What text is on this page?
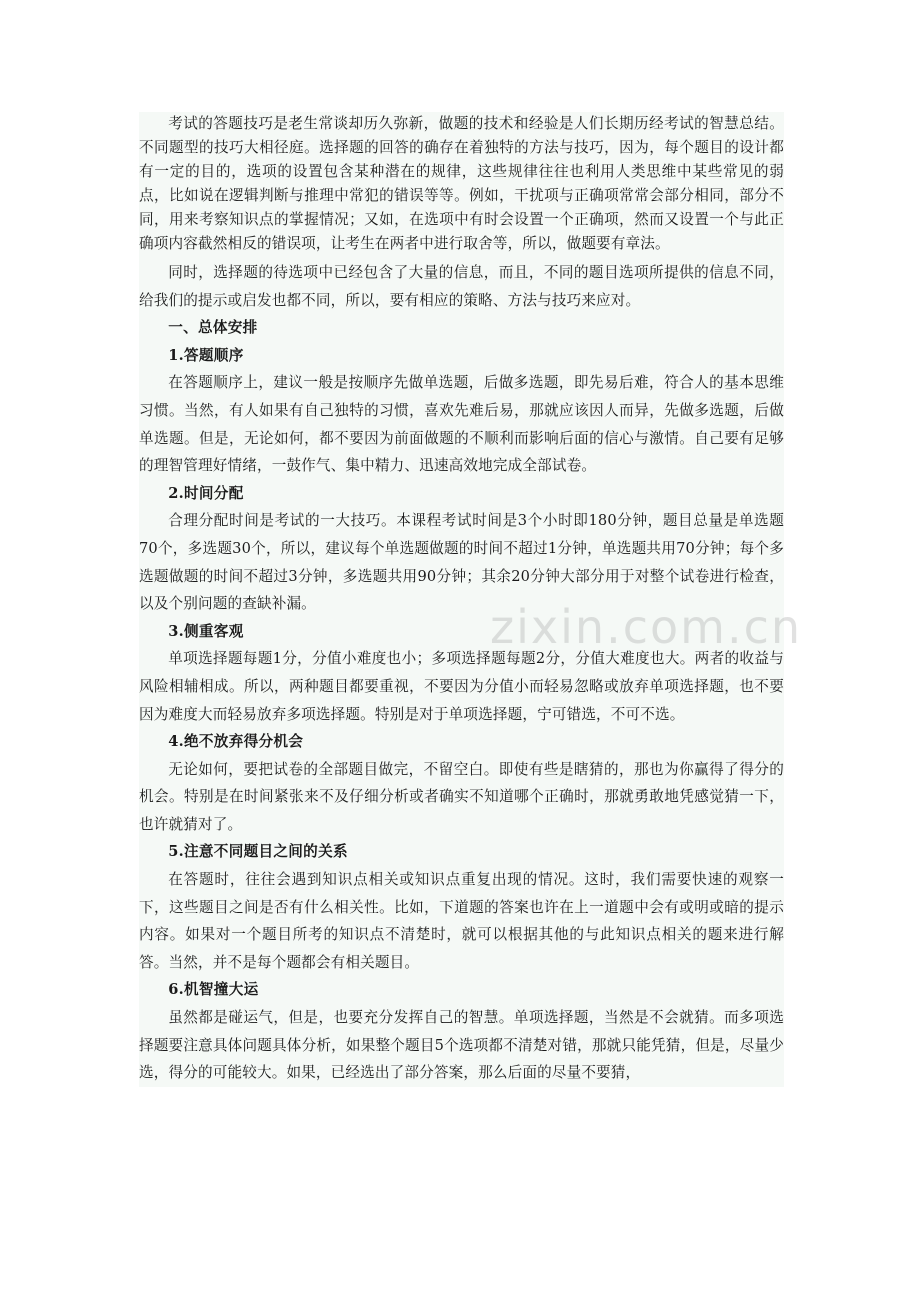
考试的答题技巧是老生常谈却历久弥新，做题的技术和经验是人们长期历经考试的智慧总结。不同题型的技巧大相径庭。选择题的回答的确存在着独特的方法与技巧，因为，每个题目的设计都有一定的目的，选项的设置包含某种潜在的规律，这些规律往往也利用人类思维中某些常见的弱点，比如说在逻辑判断与推理中常犯的错误等等。例如，干扰项与正确项常常会部分相同，部分不同，用来考察知识点的掌握情况；又如，在选项中有时会设置一个正确项，然而又设置一个与此正确项内容截然相反的错误项，让考生在两者中进行取舍等，所以，做题要有章法。

同时，选择题的待选项中已经包含了大量的信息，而且，不同的题目选项所提供的信息不同，给我们的提示或启发也都不同，所以，要有相应的策略、方法与技巧来应对。

一、总体安排

1.答题顺序

在答题顺序上，建议一般是按顺序先做单选题，后做多选题，即先易后难，符合人的基本思维习惯。当然，有人如果有自己独特的习惯，喜欢先难后易，那就应该因人而异，先做多选题，后做单选题。但是，无论如何，都不要因为前面做题的不顺利而影响后面的信心与激情。自己要有足够的理智管理好情绪，一鼓作气、集中精力、迅速高效地完成全部试卷。

2.时间分配

合理分配时间是考试的一大技巧。本课程考试时间是3个小时即180分钟，题目总量是单选题70个，多选题30个，所以，建议每个单选题做题的时间不超过1分钟，单选题共用70分钟；每个多选题做题的时间不超过3分钟，多选题共用90分钟；其余20分钟大部分用于对整个试卷进行检查，以及个别问题的查缺补漏。

3.侧重客观

单项选择题每题1分，分值小难度也小；多项选择题每题2分，分值大难度也大。两者的收益与风险相辅相成。所以，两种题目都要重视，不要因为分值小而轻易忽略或放弃单项选择题，也不要因为难度大而轻易放弃多项选择题。特别是对于单项选择题，宁可错选，不可不选。

4.绝不放弃得分机会

无论如何，要把试卷的全部题目做完，不留空白。即使有些是瞎猜的，那也为你赢得了得分的机会。特别是在时间紧张来不及仔细分析或者确实不知道哪个正确时，那就勇敢地凭感觉猜一下，也许就猜对了。

5.注意不同题目之间的关系

在答题时，往往会遇到知识点相关或知识点重复出现的情况。这时，我们需要快速的观察一下，这些题目之间是否有什么相关性。比如，下道题的答案也许在上一道题中会有或明或暗的提示内容。如果对一个题目所考的知识点不清楚时，就可以根据其他的与此知识点相关的题来进行解答。当然，并不是每个题都会有相关题目。

6.机智撞大运

虽然都是碰运气，但是，也要充分发挥自己的智慧。单项选择题，当然是不会就猜。而多项选择题要注意具体问题具体分析，如果整个题目5个选项都不清楚对错，那就只能凭猜，但是，尽量少选，得分的可能较大。如果，已经选出了部分答案，那么后面的尽量不要猜，

zixin.com.cn
